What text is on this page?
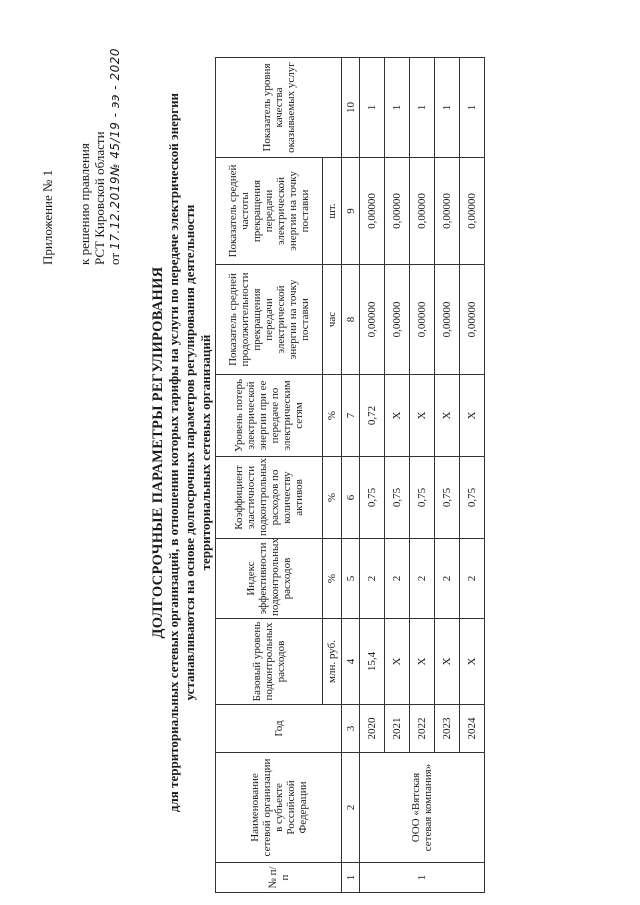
Приложение № 1 к решению правления РСТ Кировской области от 17.12.2019№ 45/19 - ээ - 2020
ДОЛГОСРОЧНЫЕ ПАРАМЕТРЫ РЕГУЛИРОВАНИЯ для территориальных сетевых организаций, в отношении которых тарифы на услуги по передаче электрической энергии устанавливаются на основе долгосрочных параметров регулирования деятельности территориальных сетевых организаций
№ п/п	Наименование сетевой организации в субъекте Российской Федерации	Год	Базовый уровень подконтрольных расходов	Индекс эффективности подконтрольных расходов	Коэффициент эластичности подконтрольных расходов по количеству активов	Уровень потерь электрической энергии при ее передаче по электрическим сетям	Показатель средней продолжительности прекращения передачи электрической энергии на точку поставки	Показатель средней частоты прекращения передачи электрической энергии на точку поставки	Показатель уровня качества оказываемых услуг
			млн. руб.	%	%	%	час	шт.	
1	2	3	4	5	6	7	8	9	10
1	ООО «Вятская сетевая компания»	2020	15,4	2	0,75	0,72	0,00000	0,00000	1
		2021	X	2	0,75	X	0,00000	0,00000	1
		2022	X	2	0,75	X	0,00000	0,00000	1
		2023	X	2	0,75	X	0,00000	0,00000	1
		2024	X	2	0,75	X	0,00000	0,00000	1
